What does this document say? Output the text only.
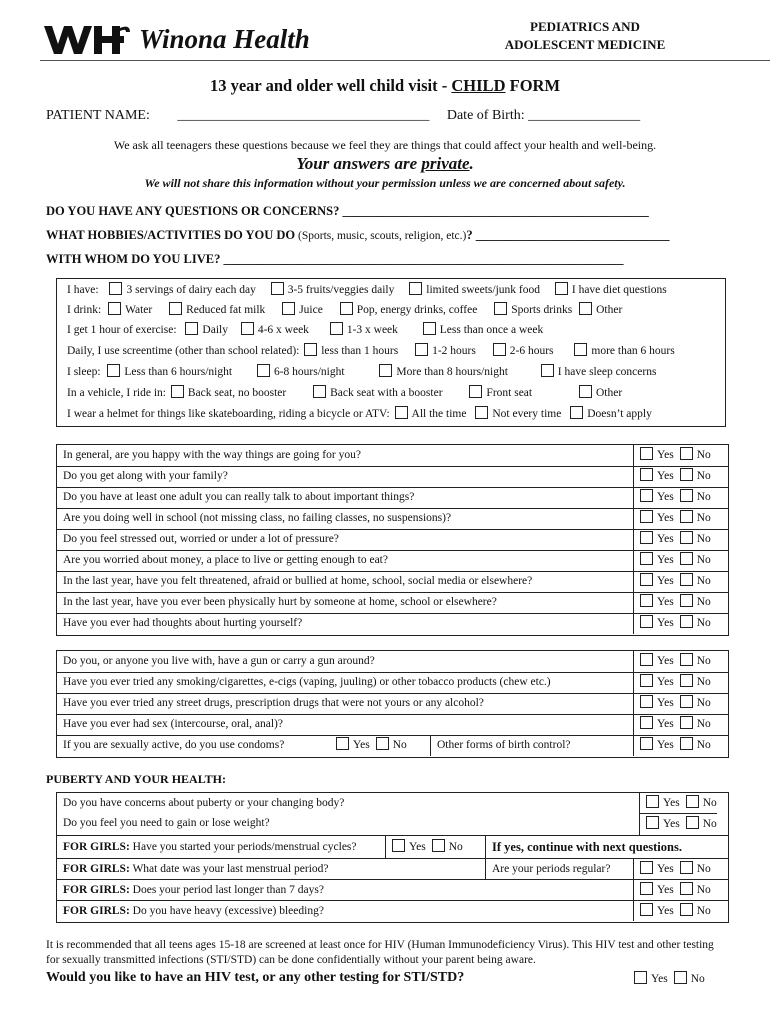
Winona Health	PEDIATRICS AND
ADOLESCENT MEDICINE
13 year and older well child visit - CHILD FORM
PATIENT NAME: ____________________________________ Date of Birth: ________________
We ask all teenagers these questions because we feel they are things that could affect your health and well-being.
Your answers are private.
We will not share this information without your permission unless we are concerned about safety.
DO YOU HAVE ANY QUESTIONS OR CONCERNS? _________________________________________________
WHAT HOBBIES/ACTIVITIES DO YOU DO (Sports, music, scouts, religion, etc.)? _______________________________
WITH WHOM DO YOU LIVE? ________________________________________________________________
I have: 3 servings of dairy each day	3-5 fruits/veggies daily	limited sweets/junk food	I have diet questions
I drink: Water	Reduced fat milk	Juice	Pop, energy drinks, coffee	Sports drinks Other
I get 1 hour of exercise: Daily	4-6 x week	1-3 x week	Less than once a week
Daily, I use screentime (other than school related): less than 1 hours	1-2 hours	2-6 hours	more than 6 hours
I sleep: Less than 6 hours/night	6-8 hours/night	More than 8 hours/night	I have sleep concerns
In a vehicle, I ride in: Back seat, no booster	Back seat with a booster	Front seat	Other
I wear a helmet for things like skateboarding, riding a bicycle or ATV: All the time Not every time Doesn’t apply
In general, are you happy with the way things are going for you?	Yes No
Do you get along with your family?	Yes No
Do you have at least one adult you can really talk to about important things?	Yes No
Are you doing well in school (not missing class, no failing classes, no suspensions)?	Yes No
Do you feel stressed out, worried or under a lot of pressure?	Yes No
Are you worried about money, a place to live or getting enough to eat?	Yes No
In the last year, have you felt threatened, afraid or bullied at home, school, social media or elsewhere?	Yes No
In the last year, have you ever been physically hurt by someone at home, school or elsewhere?	Yes No
Have you ever had thoughts about hurting yourself?	Yes No
Do you, or anyone you live with, have a gun or carry a gun around?	Yes No
Have you ever tried any smoking/cigarettes, e-cigs (vaping, juuling) or other tobacco products (chew etc.)	Yes No
Have you ever tried any street drugs, prescription drugs that were not yours or any alcohol?	Yes No
Have you ever had sex (intercourse, oral, anal)?	Yes No
If you are sexually active, do you use condoms?	Yes No	Other forms of birth control?	Yes No
PUBERTY AND YOUR HEALTH:
Do you have concerns about puberty or your changing body?	Yes No
Do you feel you need to gain or lose weight?	Yes No
FOR GIRLS: Have you started your periods/menstrual cycles?	Yes No	If yes, continue with next questions.
FOR GIRLS: What date was your last menstrual period?	Are your periods regular?	Yes No
FOR GIRLS: Does your period last longer than 7 days?	Yes No
FOR GIRLS: Do you have heavy (excessive) bleeding?	Yes No
It is recommended that all teens ages 15-18 are screened at least once for HIV (Human Immunodeficiency Virus). This HIV test and other testing for sexually transmitted infections (STI/STD) can be done confidentially without your parent being aware.
Would you like to have an HIV test, or any other testing for STI/STD?	Yes No
